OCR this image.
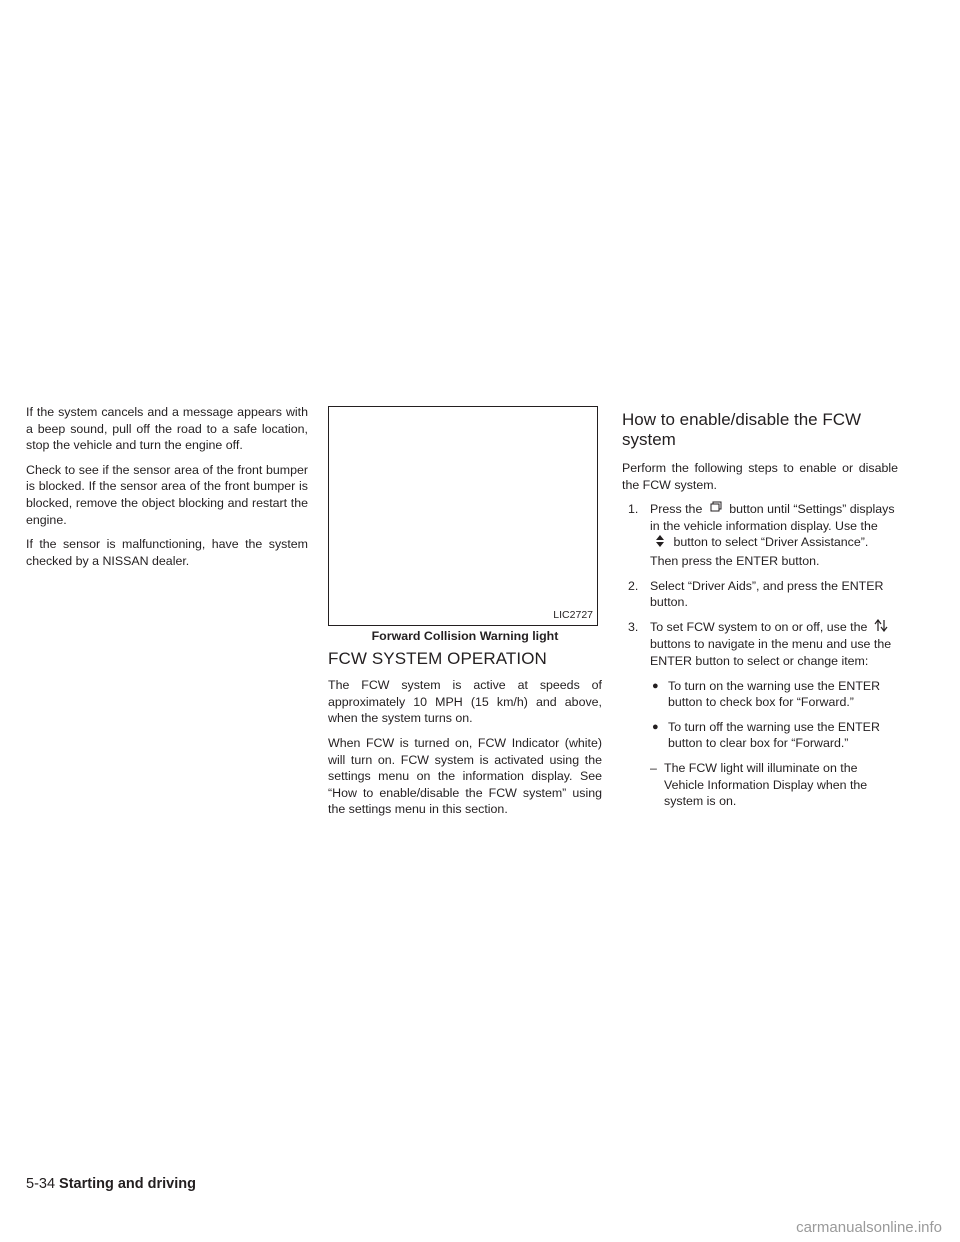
If the system cancels and a message appears with a beep sound, pull off the road to a safe location, stop the vehicle and turn the engine off.

Check to see if the sensor area of the front bumper is blocked. If the sensor area of the front bumper is blocked, remove the object blocking and restart the engine.

If the sensor is malfunctioning, have the system checked by a NISSAN dealer.

LIC2727
Forward Collision Warning light
FCW SYSTEM OPERATION

The FCW system is active at speeds of approximately 10 MPH (15 km/h) and above, when the system turns on.

When FCW is turned on, FCW Indicator (white) will turn on. FCW system is activated using the settings menu on the information display. See “How to enable/disable the FCW system” using the settings menu in this section.

How to enable/disable the FCW system

Perform the following steps to enable or disable the FCW system.

1. Press the button until “Settings” displays in the vehicle information display. Use the  button to select “Driver Assistance”. Then press the ENTER button.
2. Select “Driver Aids”, and press the ENTER button.
3. To set FCW system to on or off, use the  buttons to navigate in the menu and use the ENTER button to select or change item:
● To turn on the warning use the ENTER button to check box for “Forward.”
● To turn off the warning use the ENTER button to clear box for “Forward.”
– The FCW light will illuminate on the Vehicle Information Display when the system is on.
5-34 Starting and driving
carmanualsonline.info
